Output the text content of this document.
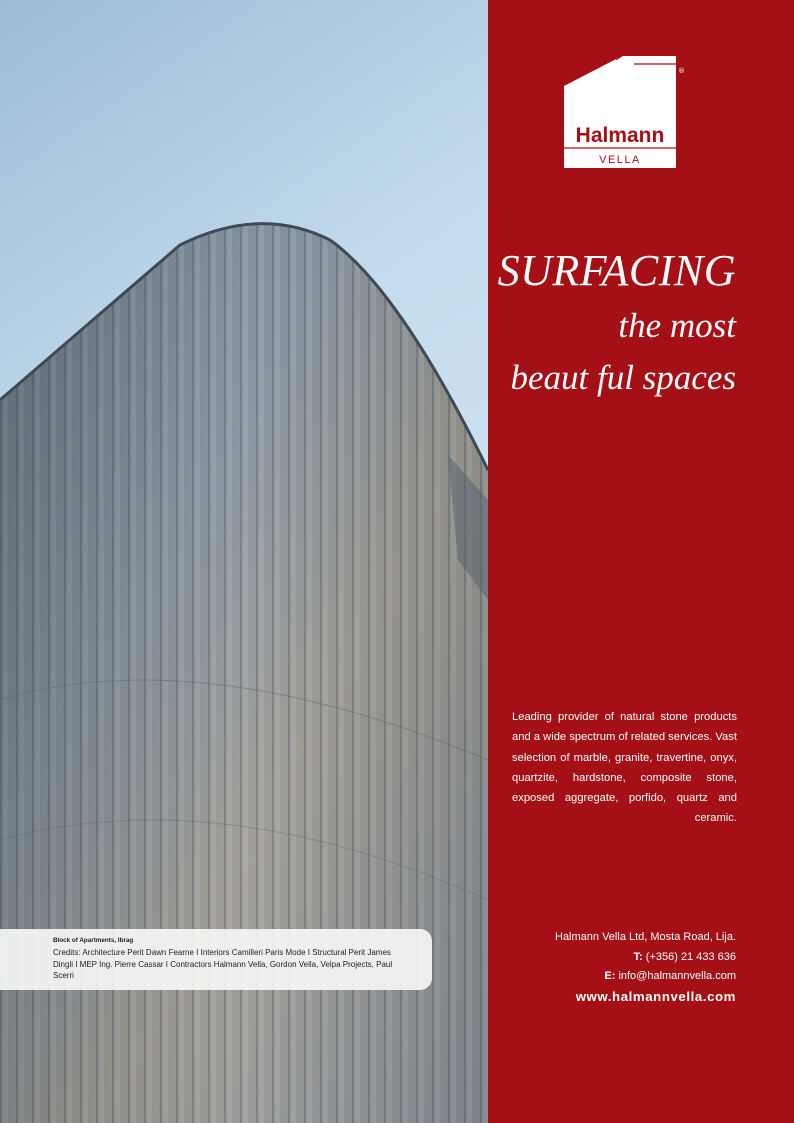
Block of Apartments, Ibrag
Credits: Architecture Perit Dawn Fearne I Interiors Camilleri Paris Mode I Structural Perit James Dingli I MEP Ing. Pierre Cassar I Contractors Halmann Vella, Gordon Vella, Velpa Projects, Paul Scerri
Halmann
VELLA
®
SURFACING
the most
beaut ful spaces
Leading provider of natural stone products and a wide spectrum of related services. Vast selection of marble, granite, travertine, onyx, quartzite, hardstone, composite stone, exposed aggregate, porfido, quartz and ceramic.
Halmann Vella Ltd, Mosta Road, Lija.
T: (+356) 21 433 636
E: info@halmannvella.com
www.halmannvella.com
